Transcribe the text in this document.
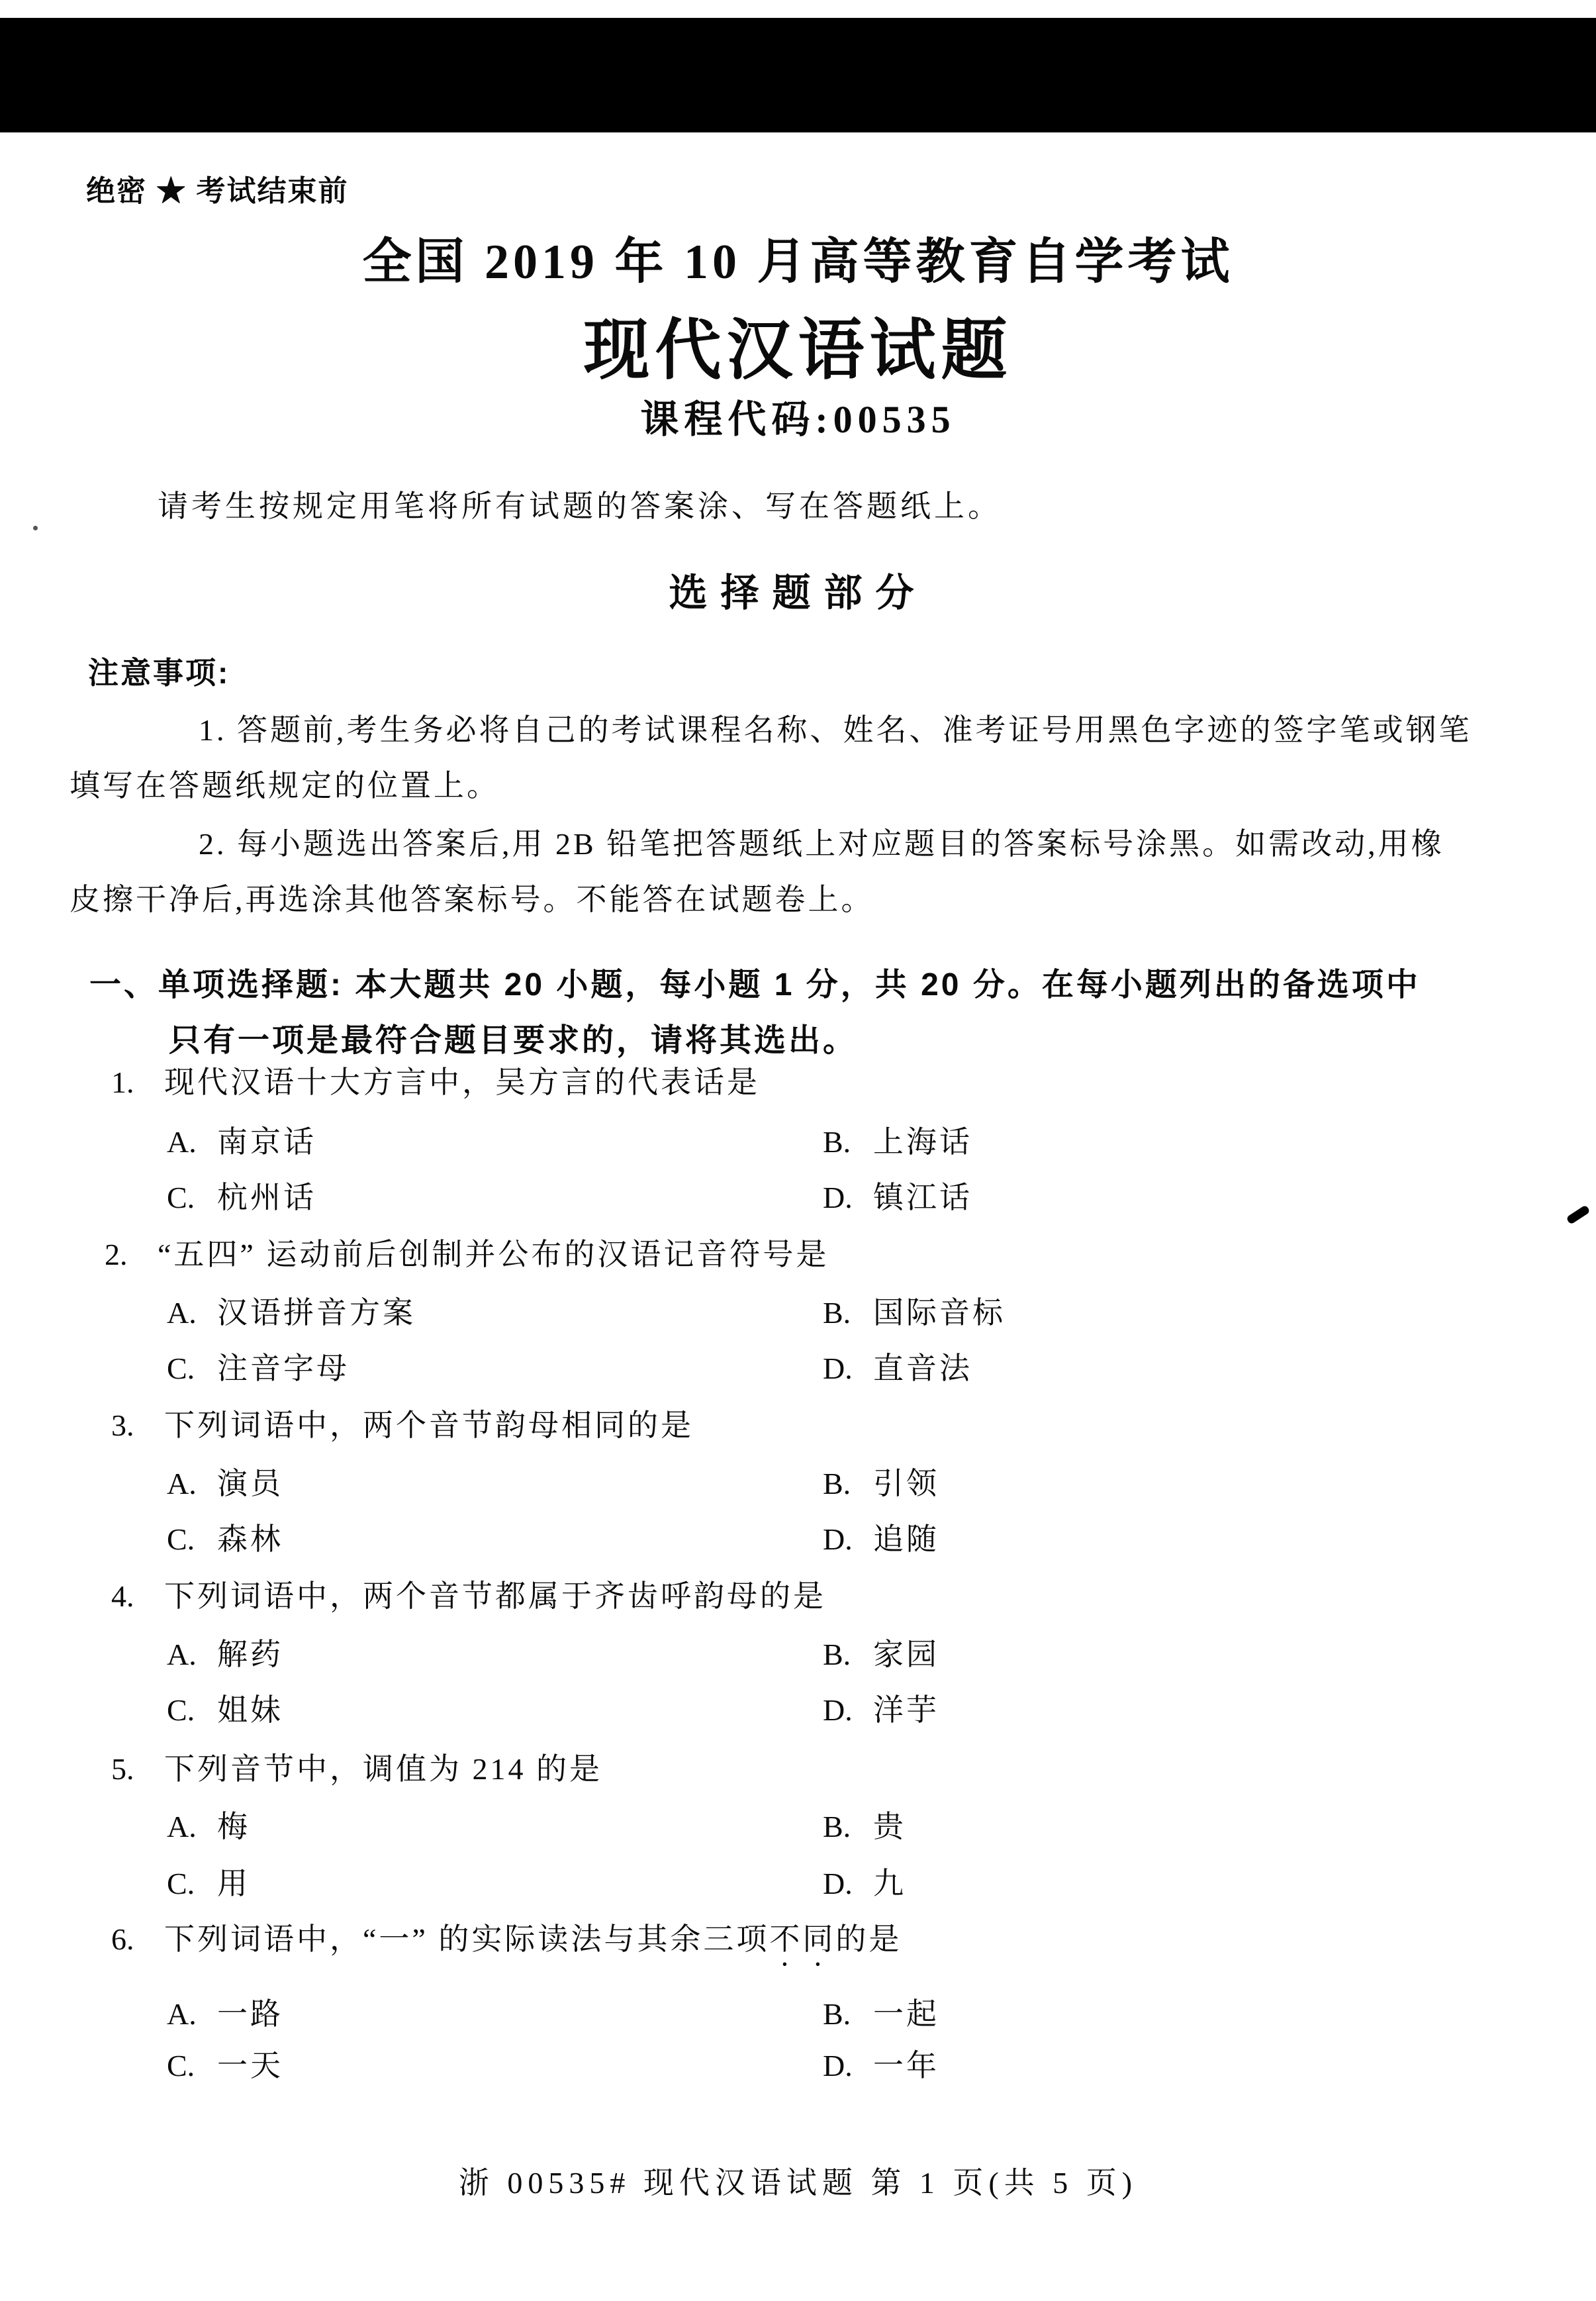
绝密 ★ 考试结束前
全国 2019 年 10 月高等教育自学考试
现代汉语试题
课程代码:00535
请考生按规定用笔将所有试题的答案涂、写在答题纸上。
选择题部分
注意事项:
1. 答题前,考生务必将自己的考试课程名称、姓名、准考证号用黑色字迹的签字笔或钢笔
填写在答题纸规定的位置上。
2. 每小题选出答案后,用 2B 铅笔把答题纸上对应题目的答案标号涂黑。如需改动,用橡
皮擦干净后,再选涂其他答案标号。不能答在试题卷上。
一、单项选择题: 本大题共 20 小题，每小题 1 分，共 20 分。在每小题列出的备选项中
只有一项是最符合题目要求的，请将其选出。
1. 现代汉语十大方言中，吴方言的代表话是
A. 南京话	B. 上海话
C. 杭州话	D. 镇江话
2. “五四” 运动前后创制并公布的汉语记音符号是
A. 汉语拼音方案	B. 国际音标
C. 注音字母	D. 直音法
3. 下列词语中，两个音节韵母相同的是
A. 演员	B. 引领
C. 森林	D. 追随
4. 下列词语中，两个音节都属于齐齿呼韵母的是
A. 解药	B. 家园
C. 姐妹	D. 洋芋
5. 下列音节中，调值为 214 的是
A. 梅	B. 贵
C. 用	D. 九
6. 下列词语中，“一” 的实际读法与其余三项不同的是
A. 一路	B. 一起
C. 一天	D. 一年
浙 00535# 现代汉语试题 第 1 页(共 5 页)
